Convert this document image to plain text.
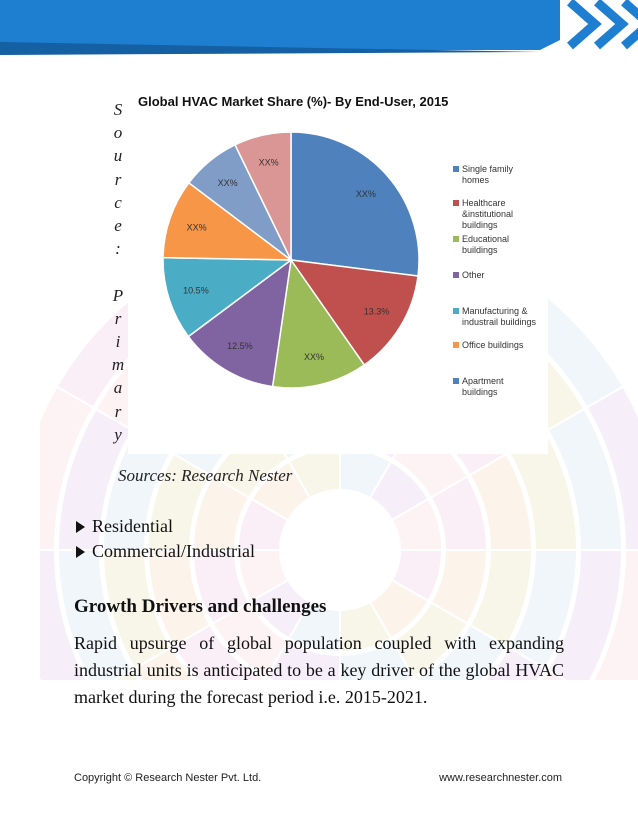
S
o
u
r
c
e
:

P
r
i
m
a
r
y
Global HVAC Market Share (%)- By End-User, 2015
XX%
13.3%
XX%
12.5%
10.5%
XX%
XX%
XX%
Single family
homes
Healthcare
&institutional
buildings
Educational
buildings
Other
Manufacturing &
industrail buildings
Office buildings
Apartment
buildings
Sources: Research Nester
Residential
Commercial/Industrial
Growth Drivers and challenges
Rapid upsurge of global population coupled with expanding industrial units is anticipated to be a key driver of the global HVAC market during the forecast period i.e. 2015-2021.
Copyright © Research Nester Pvt. Ltd.	www.researchnester.com
